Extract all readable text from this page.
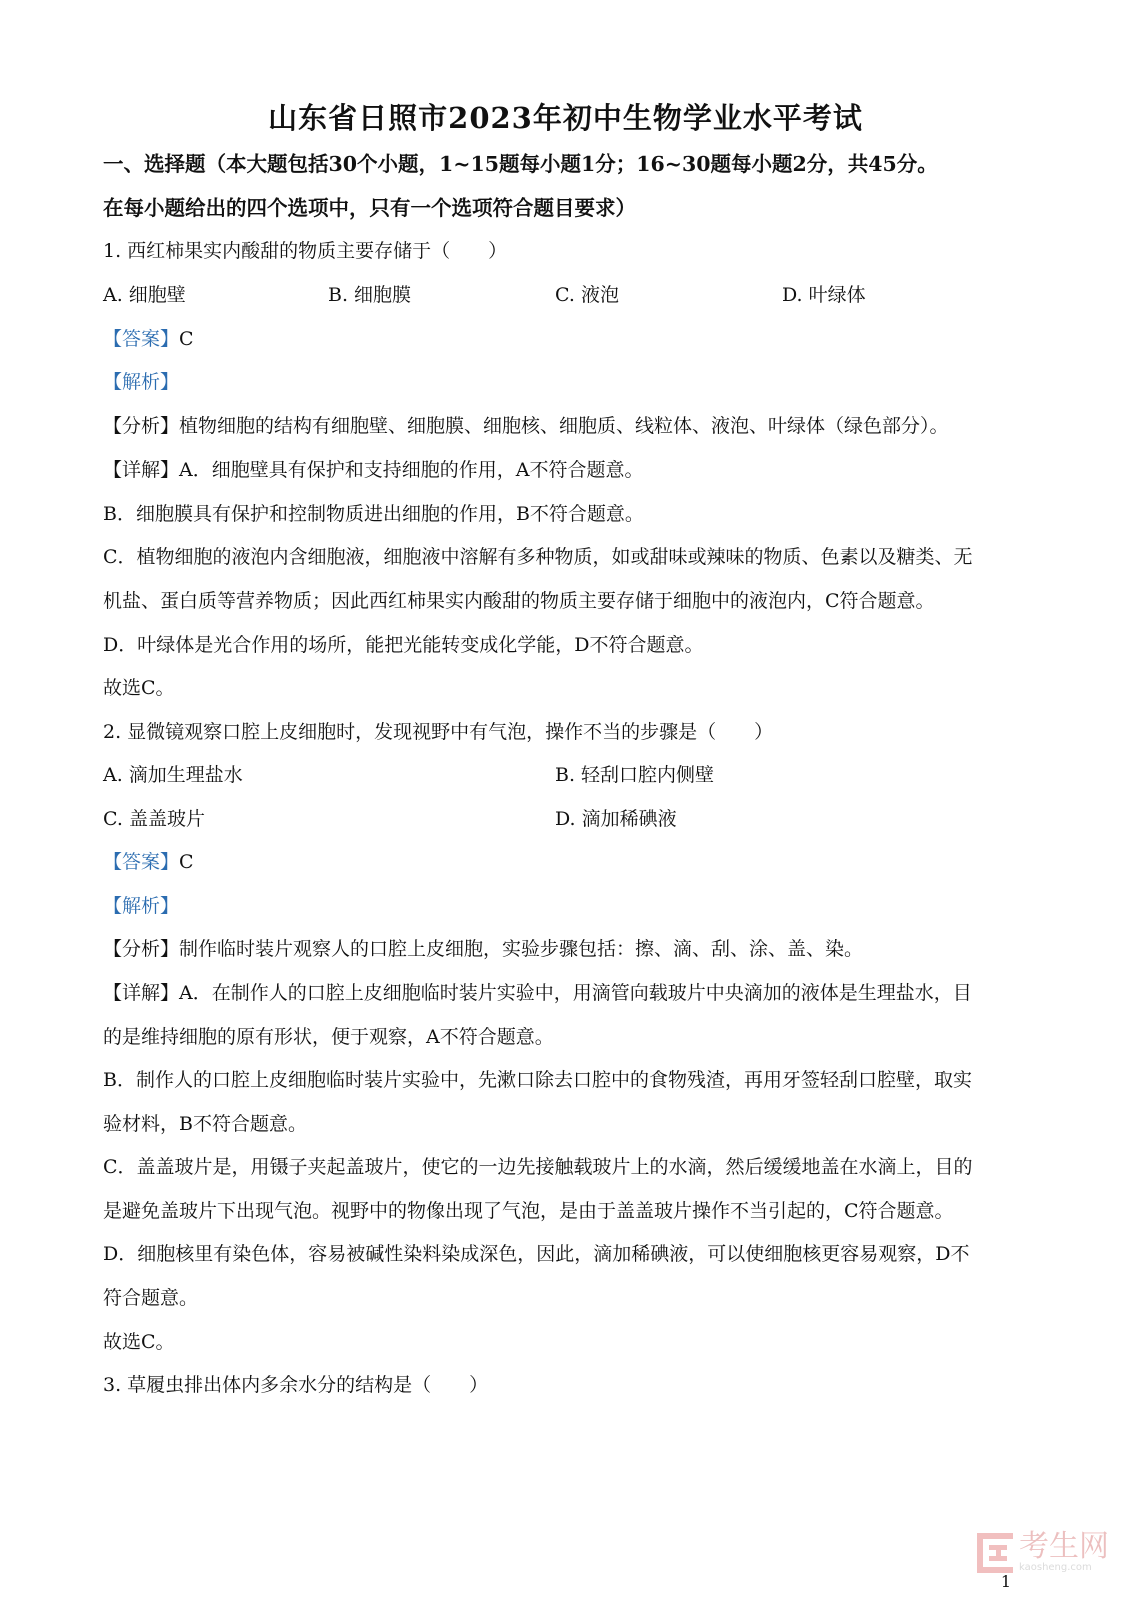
山东省日照市2023年初中生物学业水平考试

一、选择题（本大题包括30个小题，1~15题每小题1分；16~30题每小题2分，共45分。

在每小题给出的四个选项中，只有一个选项符合题目要求）

1. 西红柿果实内酸甜的物质主要存储于（　　）

A. 细胞壁	B. 细胞膜	C. 液泡	D. 叶绿体

【答案】C

【解析】

【分析】植物细胞的结构有细胞壁、细胞膜、细胞核、细胞质、线粒体、液泡、叶绿体（绿色部分）。

【详解】A．细胞壁具有保护和支持细胞的作用，A不符合题意。

B．细胞膜具有保护和控制物质进出细胞的作用，B不符合题意。

C．植物细胞的液泡内含细胞液，细胞液中溶解有多种物质，如或甜味或辣味的物质、色素以及糖类、无

机盐、蛋白质等营养物质；因此西红柿果实内酸甜的物质主要存储于细胞中的液泡内，C符合题意。

D．叶绿体是光合作用的场所，能把光能转变成化学能，D不符合题意。

故选C。

2. 显微镜观察口腔上皮细胞时，发现视野中有气泡，操作不当的步骤是（　　）

A. 滴加生理盐水	B. 轻刮口腔内侧壁
C. 盖盖玻片	D. 滴加稀碘液

【答案】C

【解析】

【分析】制作临时装片观察人的口腔上皮细胞，实验步骤包括：擦、滴、刮、涂、盖、染。

【详解】A．在制作人的口腔上皮细胞临时装片实验中，用滴管向载玻片中央滴加的液体是生理盐水，目

的是维持细胞的原有形状，便于观察，A不符合题意。

B．制作人的口腔上皮细胞临时装片实验中，先漱口除去口腔中的食物残渣，再用牙签轻刮口腔壁，取实

验材料，B不符合题意。

C．盖盖玻片是，用镊子夹起盖玻片，使它的一边先接触载玻片上的水滴，然后缓缓地盖在水滴上，目的

是避免盖玻片下出现气泡。视野中的物像出现了气泡，是由于盖盖玻片操作不当引起的，C符合题意。

D．细胞核里有染色体，容易被碱性染料染成深色，因此，滴加稀碘液，可以使细胞核更容易观察，D不

符合题意。

故选C。

3. 草履虫排出体内多余水分的结构是（　　）

考生网
kaosheng.com
1
